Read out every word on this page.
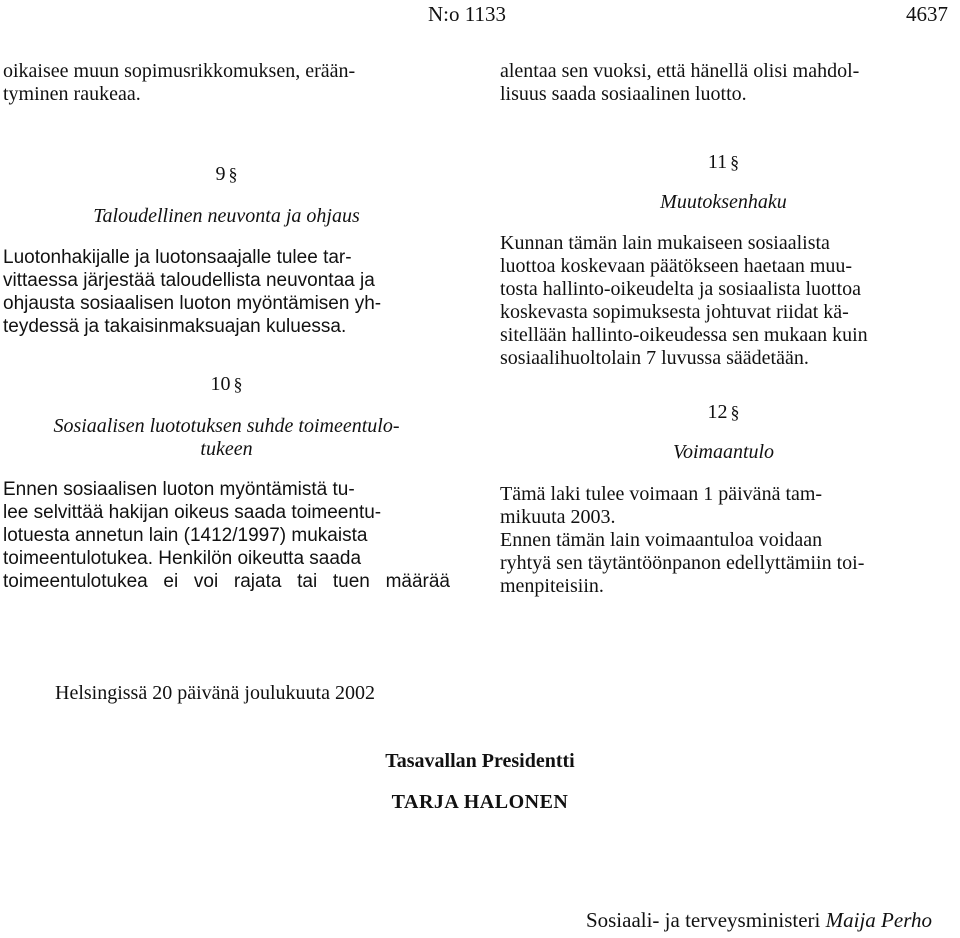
N:o 1133	4637

oikaisee muun sopimusrikkomuksen, erään-

tyminen raukeaa.

9 §

Taloudellinen neuvonta ja ohjaus

Luotonhakijalle ja luotonsaajalle tulee tar-

vittaessa järjestää taloudellista neuvontaa ja

ohjausta sosiaalisen luoton myöntämisen yh-

teydessä ja takaisinmaksuajan kuluessa.

10 §

Sosiaalisen luototuksen suhde toimeentulo-

tukeen

Ennen sosiaalisen luoton myöntämistä tu-

lee selvittää hakijan oikeus saada toimeentu-

lotuesta annetun lain (1412/1997) mukaista

toimeentulotukea. Henkilön oikeutta saada

toimeentulotukea ei voi rajata tai tuen määrää

alentaa sen vuoksi, että hänellä olisi mahdol-

lisuus saada sosiaalinen luotto.

11 §

Muutoksenhaku

Kunnan tämän lain mukaiseen sosiaalista

luottoa koskevaan päätökseen haetaan muu-

tosta hallinto-oikeudelta ja sosiaalista luottoa

koskevasta sopimuksesta johtuvat riidat kä-

sitellään hallinto-oikeudessa sen mukaan kuin

sosiaalihuoltolain 7 luvussa säädetään.

12 §

Voimaantulo

Tämä laki tulee voimaan 1 päivänä tam-

mikuuta 2003.

Ennen tämän lain voimaantuloa voidaan

ryhtyä sen täytäntöönpanon edellyttämiin toi-

menpiteisiin.

Helsingissä 20 päivänä joulukuuta 2002
Tasavallan Presidentti
TARJA HALONEN
Sosiaali- ja terveysministeri Maija Perho
